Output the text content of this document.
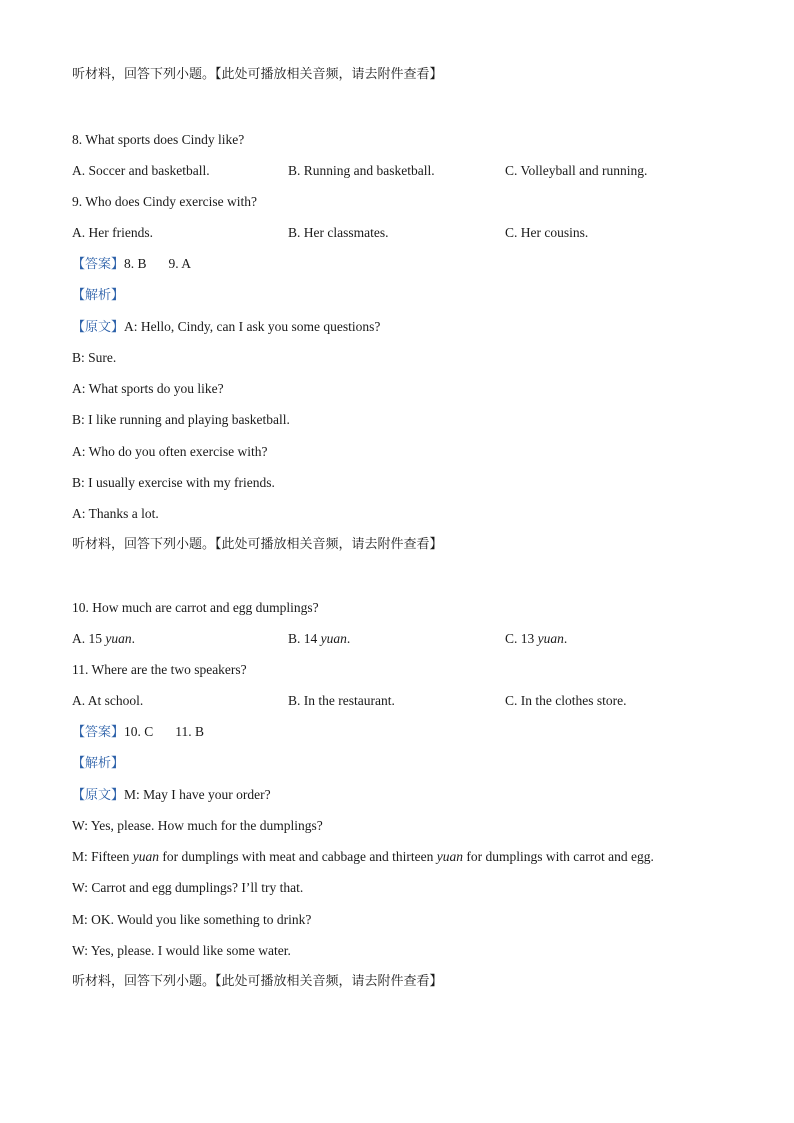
听材料，回答下列小题。【此处可播放相关音频，请去附件查看】
8. What sports does Cindy like?
A. Soccer and basketball.	B. Running and basketball.	C. Volleyball and running.
9. Who does Cindy exercise with?
A. Her friends.	B. Her classmates.	C. Her cousins.
【答案】8. B 9. A
【解析】
【原文】A: Hello, Cindy, can I ask you some questions?
B: Sure.
A: What sports do you like?
B: I like running and playing basketball.
A: Who do you often exercise with?
B: I usually exercise with my friends.
A: Thanks a lot.
听材料，回答下列小题。【此处可播放相关音频，请去附件查看】
10. How much are carrot and egg dumplings?
A. 15 yuan.	B. 14 yuan.	C. 13 yuan.
11. Where are the two speakers?
A. At school.	B. In the restaurant.	C. In the clothes store.
【答案】10. C 11. B
【解析】
【原文】M: May I have your order?
W: Yes, please. How much for the dumplings?
M: Fifteen yuan for dumplings with meat and cabbage and thirteen yuan for dumplings with carrot and egg.
W: Carrot and egg dumplings? I’ll try that.
M: OK. Would you like something to drink?
W: Yes, please. I would like some water.
听材料，回答下列小题。【此处可播放相关音频，请去附件查看】
